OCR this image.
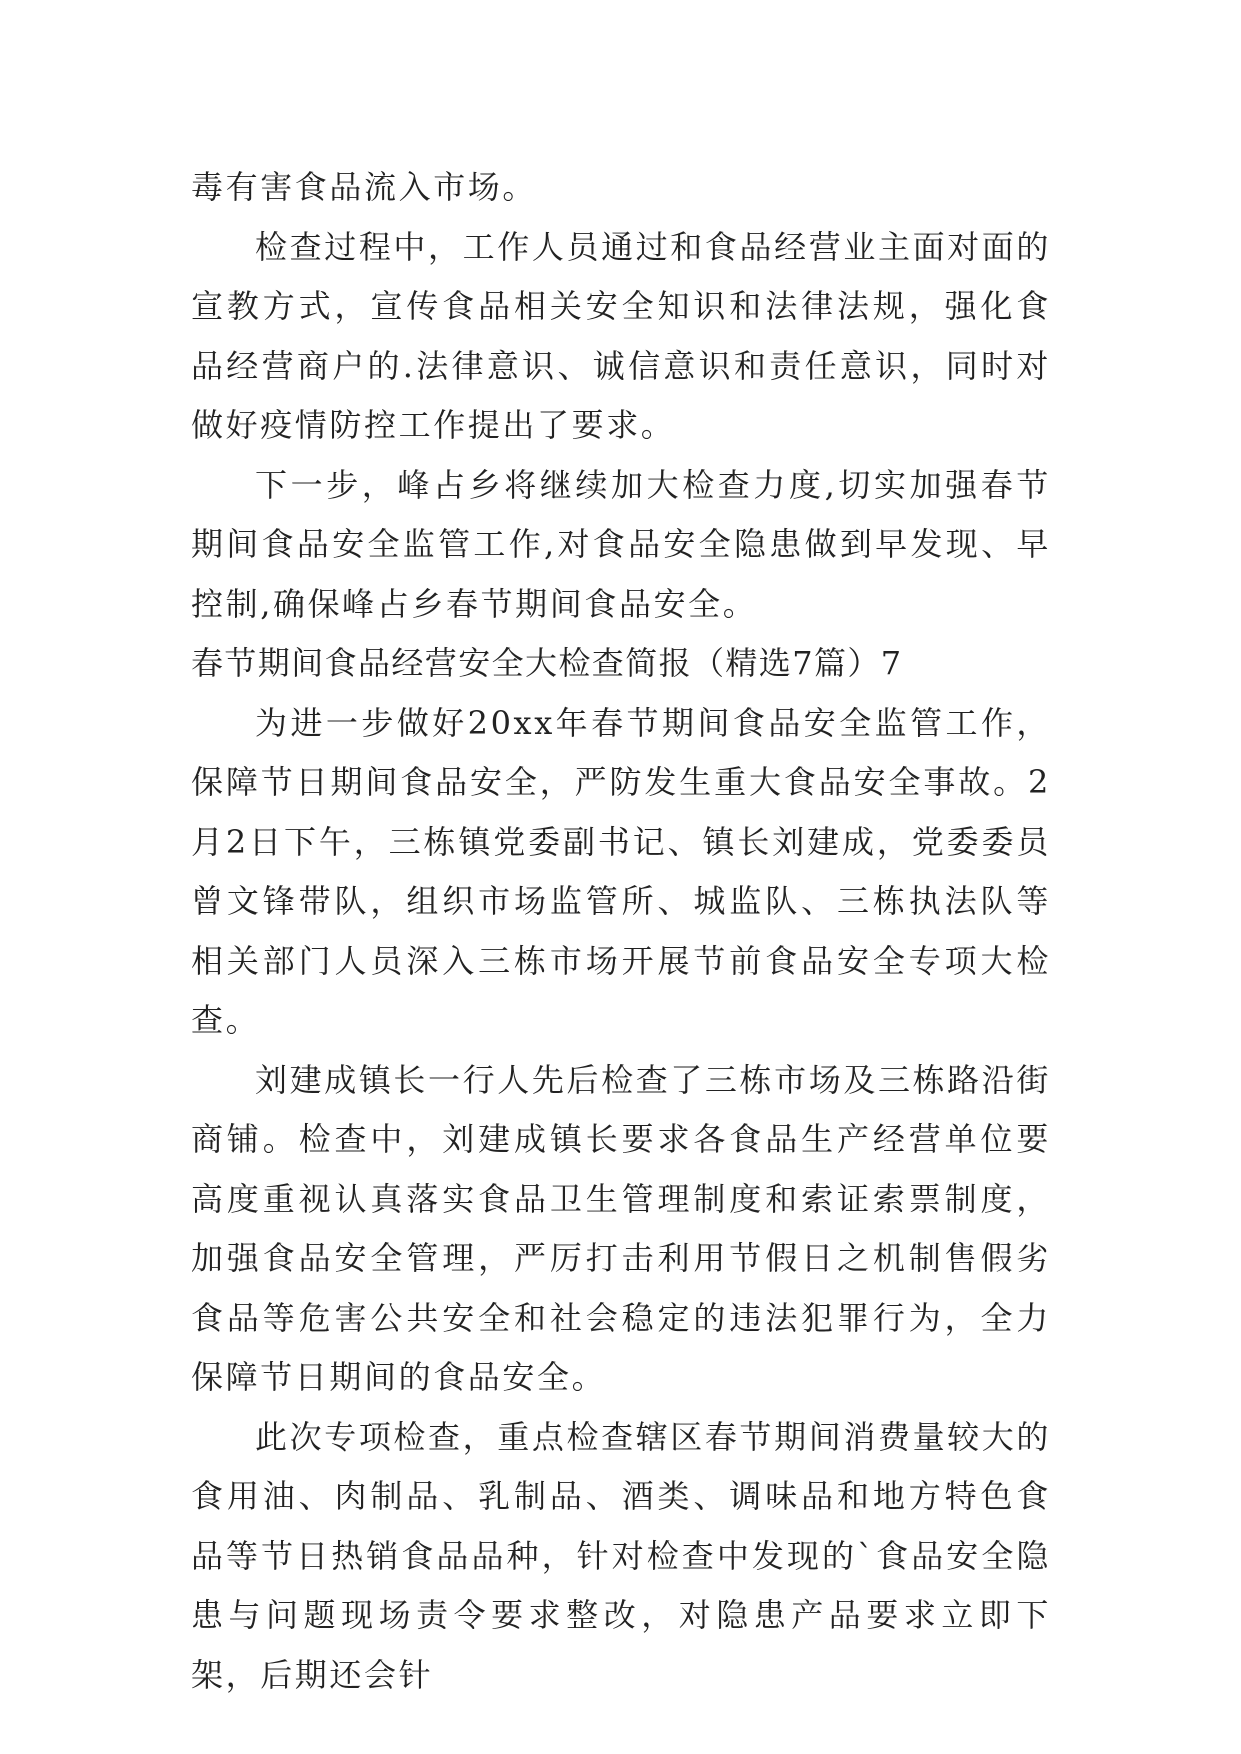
毒有害食品流入市场。

检查过程中，工作人员通过和食品经营业主面对面的宣教方式，宣传食品相关安全知识和法律法规，强化食品经营商户的.法律意识、诚信意识和责任意识，同时对做好疫情防控工作提出了要求。

下一步，峰占乡将继续加大检查力度,切实加强春节期间食品安全监管工作,对食品安全隐患做到早发现、早控制,确保峰占乡春节期间食品安全。

春节期间食品经营安全大检查简报（精选7篇）7

为进一步做好20xx年春节期间食品安全监管工作，保障节日期间食品安全，严防发生重大食品安全事故。2月2日下午，三栋镇党委副书记、镇长刘建成，党委委员曾文锋带队，组织市场监管所、城监队、三栋执法队等相关部门人员深入三栋市场开展节前食品安全专项大检查。

刘建成镇长一行人先后检查了三栋市场及三栋路沿街商铺。检查中，刘建成镇长要求各食品生产经营单位要高度重视认真落实食品卫生管理制度和索证索票制度，加强食品安全管理，严厉打击利用节假日之机制售假劣食品等危害公共安全和社会稳定的违法犯罪行为，全力保障节日期间的食品安全。

此次专项检查，重点检查辖区春节期间消费量较大的食用油、肉制品、乳制品、酒类、调味品和地方特色食品等节日热销食品品种，针对检查中发现的`食品安全隐患与问题现场责令要求整改，对隐患产品要求立即下架，后期还会针
